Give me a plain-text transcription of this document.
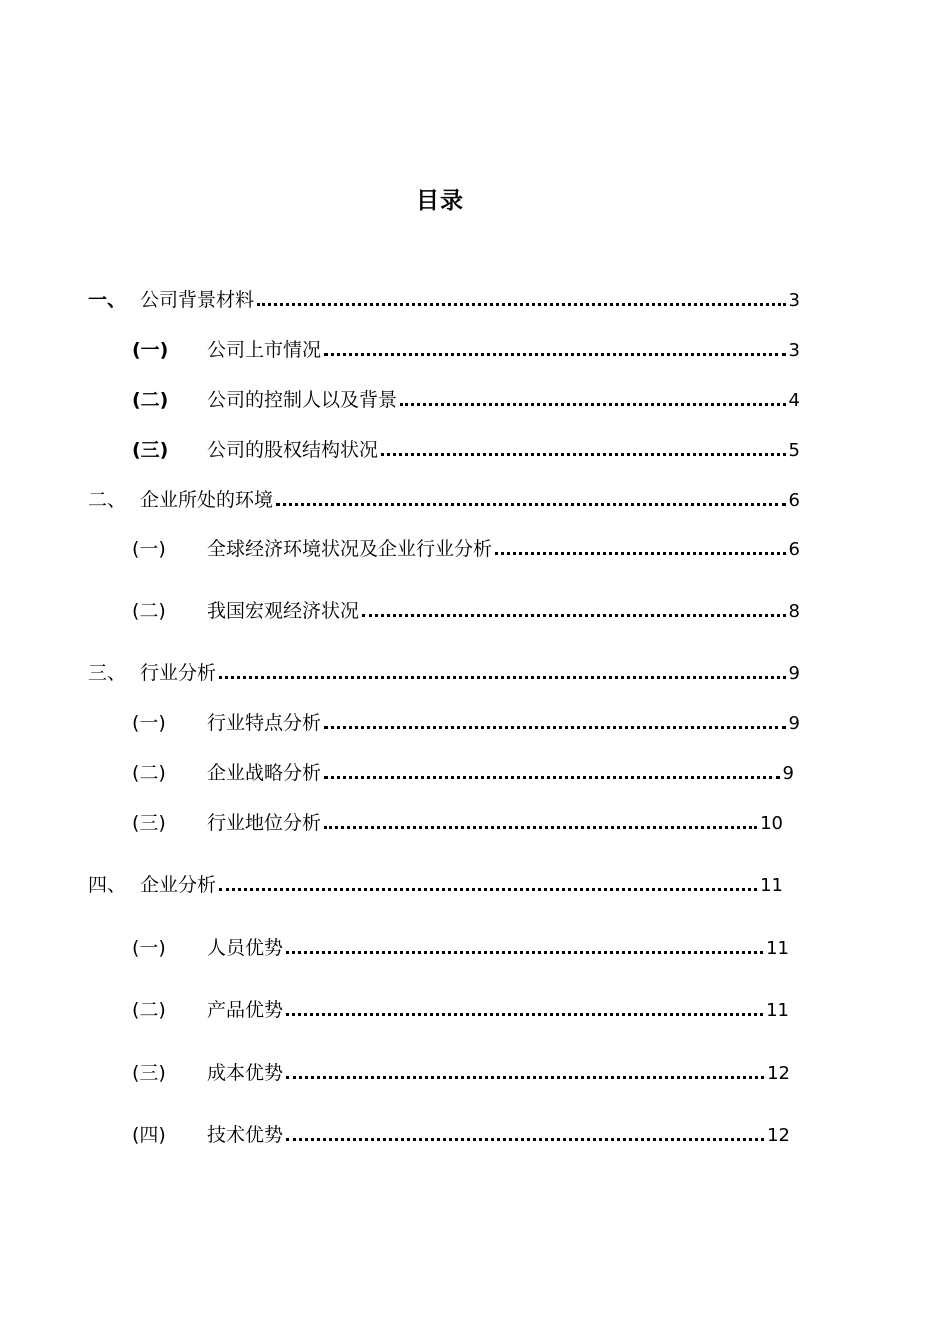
目录
一、 公司背景材料	3
(一) 公司上市情况	3
(二) 公司的控制人以及背景	4
(三) 公司的股权结构状况	5
二、 企业所处的环境	6
(一) 全球经济环境状况及企业行业分析	6
(二) 我国宏观经济状况	8
三、 行业分析	9
(一) 行业特点分析	9
(二) 企业战略分析	9
(三) 行业地位分析	10
四、 企业分析	11
(一) 人员优势	11
(二) 产品优势	11
(三) 成本优势	12
(四) 技术优势	12
